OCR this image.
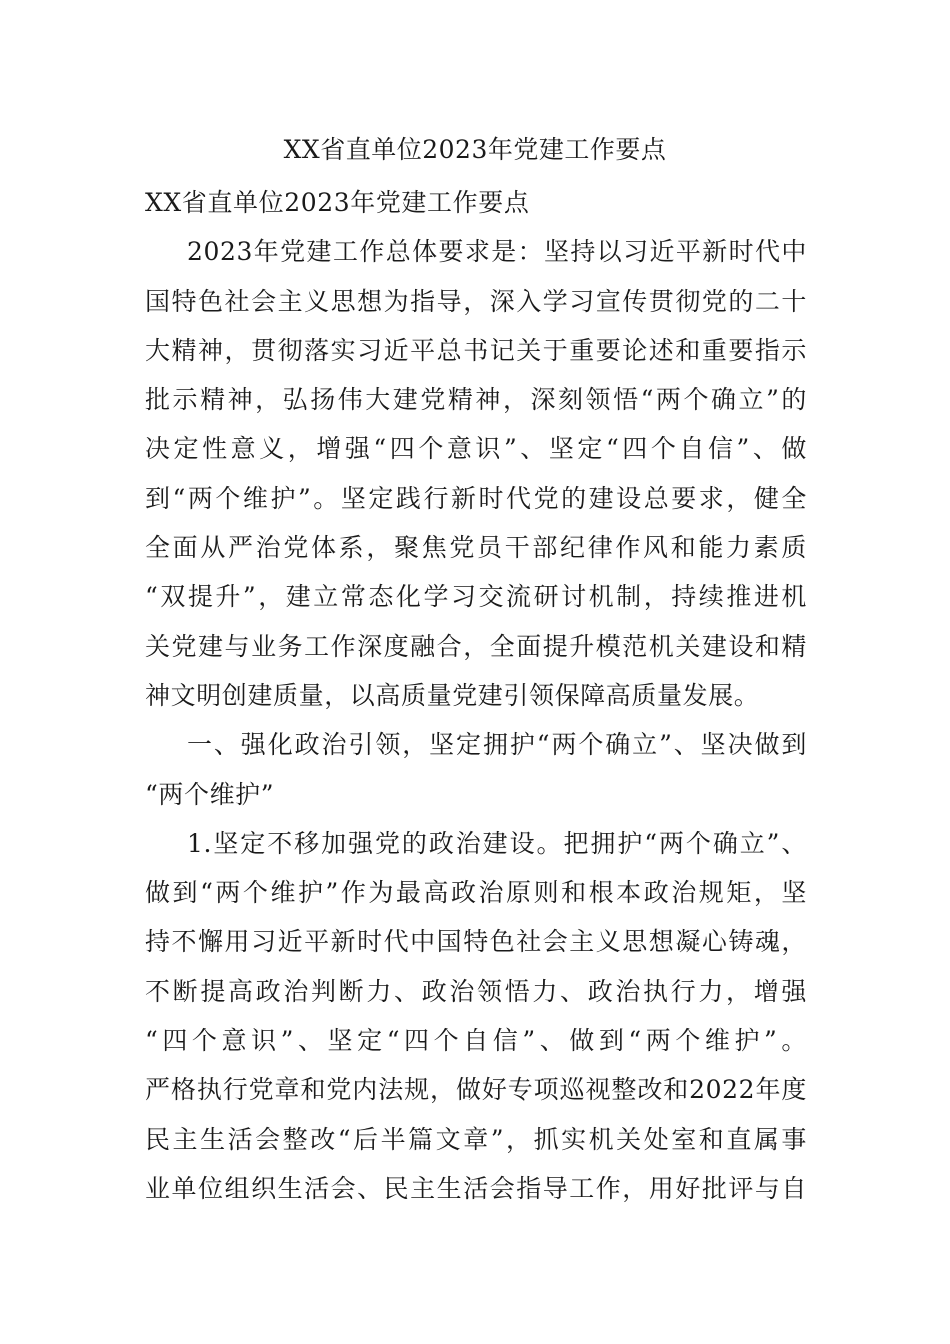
XX省直单位2023年党建工作要点
XX省直单位2023年党建工作要点
2023年党建工作总体要求是：坚持以习近平新时代中
国特色社会主义思想为指导，深入学习宣传贯彻党的二十
大精神，贯彻落实习近平总书记关于重要论述和重要指示
批示精神，弘扬伟大建党精神，深刻领悟“两个确立”的
决定性意义，增强“四个意识”、坚定“四个自信”、做
到“两个维护”。坚定践行新时代党的建设总要求，健全
全面从严治党体系，聚焦党员干部纪律作风和能力素质
“双提升”，建立常态化学习交流研讨机制，持续推进机
关党建与业务工作深度融合，全面提升模范机关建设和精
神文明创建质量，以高质量党建引领保障高质量发展。
一、强化政治引领，坚定拥护“两个确立”、坚决做到
“两个维护”
1.坚定不移加强党的政治建设。把拥护“两个确立”、
做到“两个维护”作为最高政治原则和根本政治规矩，坚
持不懈用习近平新时代中国特色社会主义思想凝心铸魂，
不断提高政治判断力、政治领悟力、政治执行力，增强
“四个意识”、坚定“四个自信”、做到“两个维护”。
严格执行党章和党内法规，做好专项巡视整改和2022年度
民主生活会整改“后半篇文章”，抓实机关处室和直属事
业单位组织生活会、民主生活会指导工作，用好批评与自
